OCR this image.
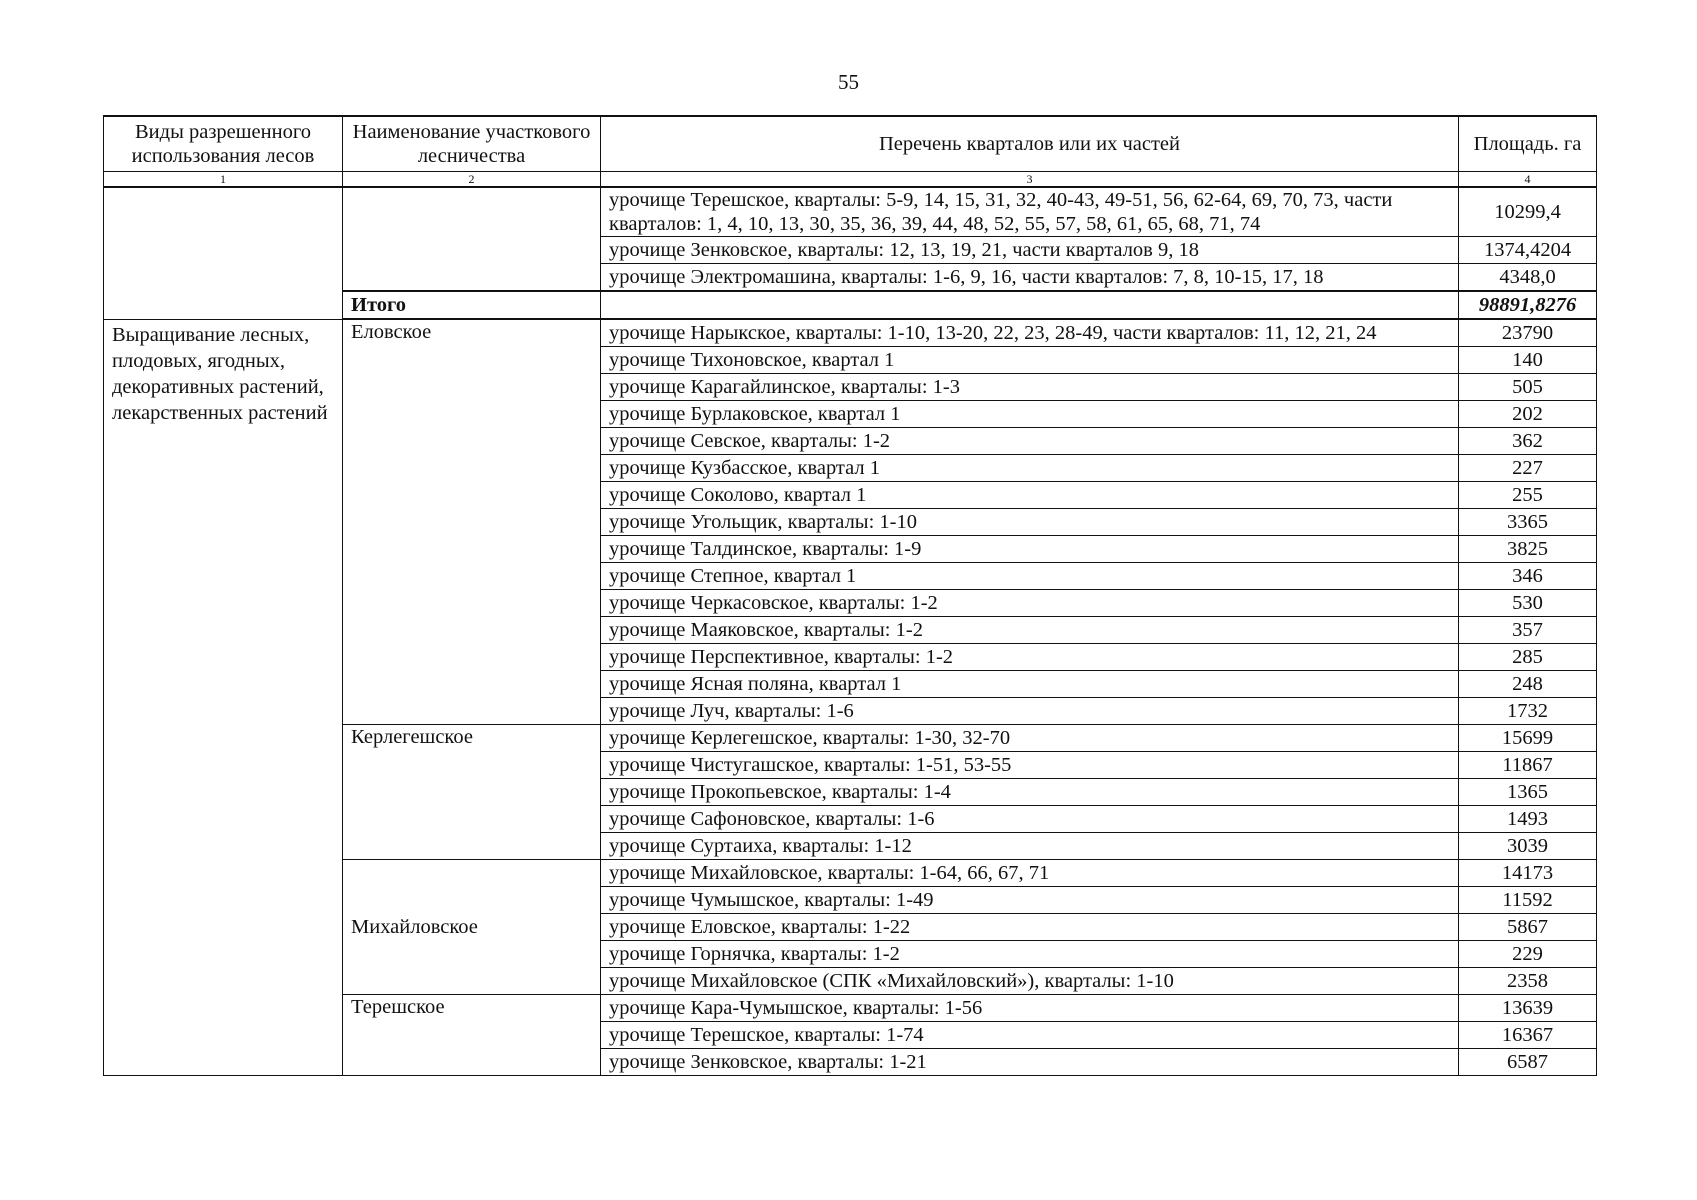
55
Виды разрешенного использования лесов	Наименование участкового лесничества	Перечень кварталов или их частей	Площадь. га
1	2	3	4
		урочище Терешское, кварталы: 5-9, 14, 15, 31, 32, 40-43, 49-51, 56, 62-64, 69, 70, 73, части кварталов: 1, 4, 10, 13, 30, 35, 36, 39, 44, 48, 52, 55, 57, 58, 61, 65, 68, 71, 74	10299,4
		урочище Зенковское, кварталы: 12, 13, 19, 21, части кварталов 9, 18	1374,4204
		урочище Электромашина, кварталы: 1-6, 9, 16, части кварталов: 7, 8, 10-15, 17, 18	4348,0
	Итого		98891,8276
Выращивание лесных, плодовых, ягодных, декоративных растений, лекарственных растений	Еловское	урочище Нарыкское, кварталы: 1-10, 13-20, 22, 23, 28-49, части кварталов: 11, 12, 21, 24	23790
		урочище Тихоновское, квартал 1	140
		урочище Карагайлинское, кварталы: 1-3	505
		урочище Бурлаковское, квартал 1	202
		урочище Севское, кварталы: 1-2	362
		урочище Кузбасское, квартал 1	227
		урочище Соколово, квартал 1	255
		урочище Угольщик, кварталы: 1-10	3365
		урочище Талдинское, кварталы: 1-9	3825
		урочище Степное, квартал 1	346
		урочище Черкасовское, кварталы: 1-2	530
		урочище Маяковское, кварталы: 1-2	357
		урочище Перспективное, кварталы: 1-2	285
		урочище Ясная поляна, квартал 1	248
		урочище Луч, кварталы: 1-6	1732
	Керлегешское	урочище Керлегешское, кварталы: 1-30, 32-70	15699
		урочище Чистугашское, кварталы: 1-51, 53-55	11867
		урочище Прокопьевское, кварталы: 1-4	1365
		урочище Сафоновское, кварталы: 1-6	1493
		урочище Суртаиха, кварталы: 1-12	3039
	Михайловское	урочище Михайловское, кварталы: 1-64, 66, 67, 71	14173
		урочище Чумышское, кварталы: 1-49	11592
		урочище Еловское, кварталы: 1-22	5867
		урочище Горнячка, кварталы: 1-2	229
		урочище Михайловское (СПК «Михайловский»), кварталы: 1-10	2358
	Терешское	урочище Кара-Чумышское, кварталы: 1-56	13639
		урочище Терешское, кварталы: 1-74	16367
		урочище Зенковское, кварталы: 1-21	6587
